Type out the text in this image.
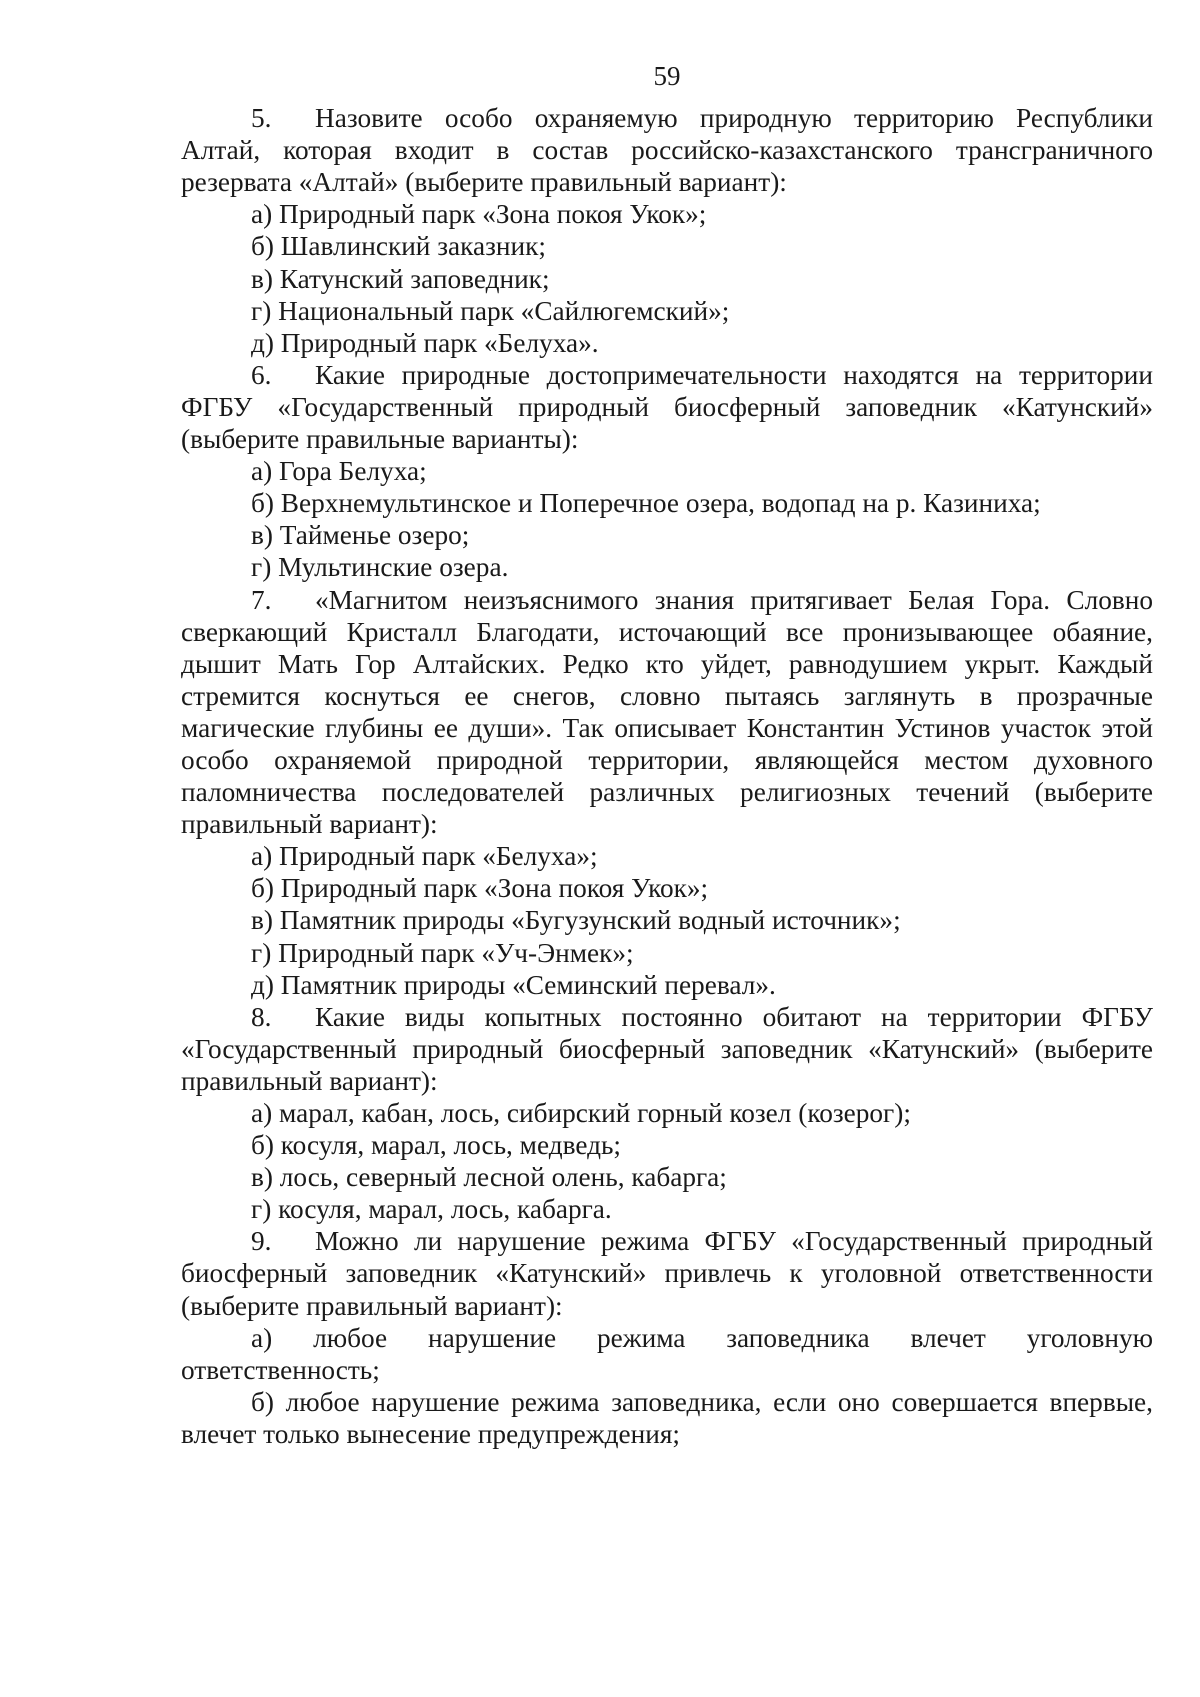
59

5. Назовите особо охраняемую природную территорию Республики Алтай, которая входит в состав российско-казахстанского трансграничного резервата «Алтай» (выберите правильный вариант):

а) Природный парк «Зона покоя Укок»;

б) Шавлинский заказник;

в) Катунский заповедник;

г) Национальный парк «Сайлюгемский»;

д) Природный парк «Белуха».

6. Какие природные достопримечательности находятся на территории ФГБУ «Государственный природный биосферный заповедник «Катунский» (выберите правильные варианты):

а) Гора Белуха;

б) Верхнемультинское и Поперечное озера, водопад на р. Казиниха;

в) Тайменье озеро;

г) Мультинские озера.

7. «Магнитом неизъяснимого знания притягивает Белая Гора. Словно сверкающий Кристалл Благодати, источающий все пронизывающее обаяние, дышит Мать Гор Алтайских. Редко кто уйдет, равнодушием укрыт. Каждый стремится коснуться ее снегов, словно пытаясь заглянуть в прозрачные магические глубины ее души». Так описывает Константин Устинов участок этой особо охраняемой природной территории, являющейся местом духовного паломничества последователей различных религиозных течений (выберите правильный вариант):

а) Природный парк «Белуха»;

б) Природный парк «Зона покоя Укок»;

в) Памятник природы «Бугузунский водный источник»;

г) Природный парк «Уч-Энмек»;

д) Памятник природы «Семинский перевал».

8. Какие виды копытных постоянно обитают на территории ФГБУ «Государственный природный биосферный заповедник «Катунский» (выберите правильный вариант):

а) марал, кабан, лось, сибирский горный козел (козерог);

б) косуля, марал, лось, медведь;

в) лось, северный лесной олень, кабарга;

г) косуля, марал, лось, кабарга.

9. Можно ли нарушение режима ФГБУ «Государственный природный биосферный заповедник «Катунский» привлечь к уголовной ответственности (выберите правильный вариант):

а) любое нарушение режима заповедника влечет уголовную ответственность;

б) любое нарушение режима заповедника, если оно совершается впервые, влечет только вынесение предупреждения;
